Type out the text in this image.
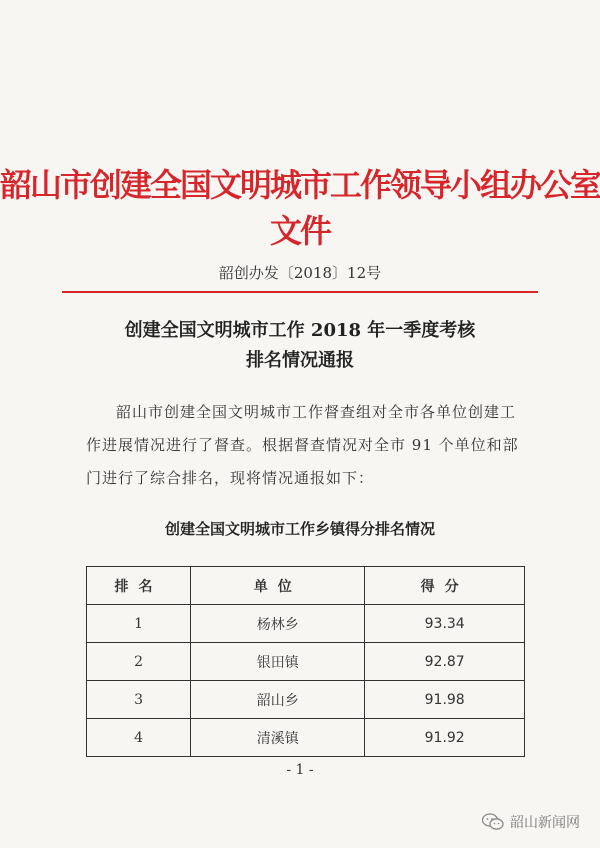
韶山市创建全国文明城市工作领导小组办公室文件
韶创办发〔2018〕12号
创建全国文明城市工作 2018 年一季度考核
排名情况通报

韶山市创建全国文明城市工作督查组对全市各单位创建工作进展情况进行了督查。根据督查情况对全市 91 个单位和部门进行了综合排名，现将情况通报如下：

创建全国文明城市工作乡镇得分排名情况
排名	单位	得分
1	杨林乡	93.34
2	银田镇	92.87
3	韶山乡	91.98
4	清溪镇	91.92
- 1 -
韶山新闻网
